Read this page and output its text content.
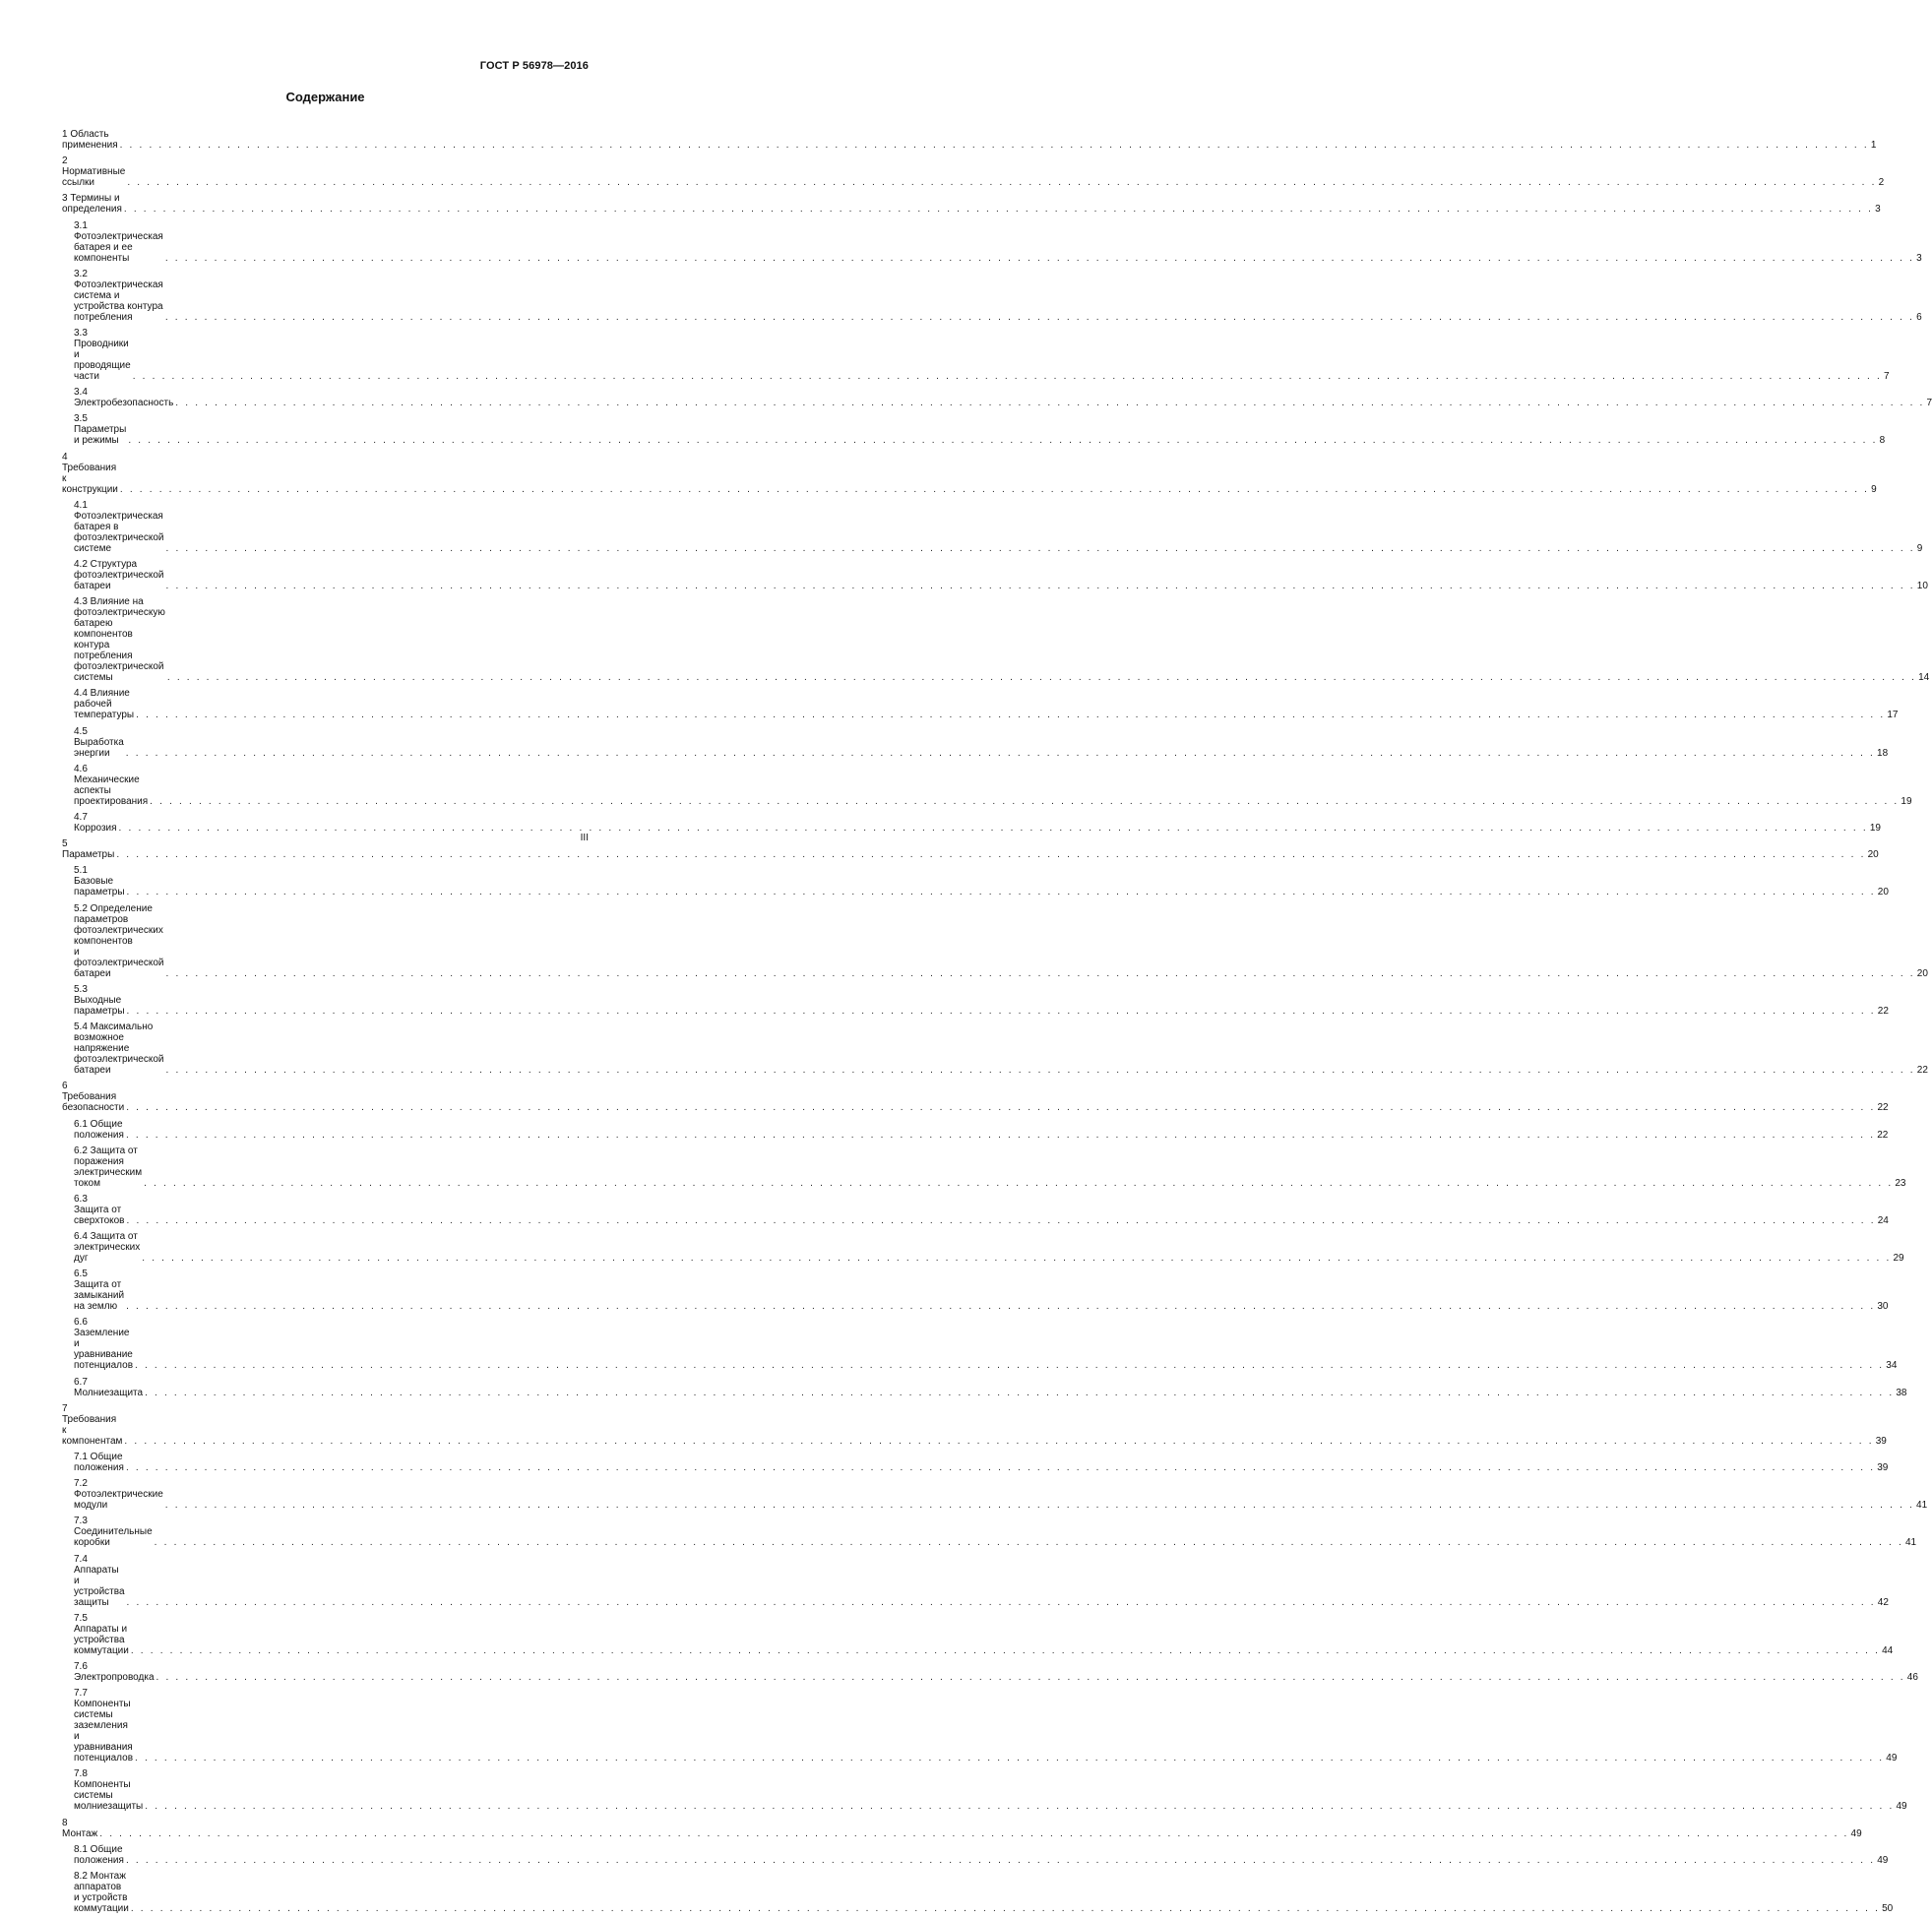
ГОСТ Р 56978—2016
Содержание
1 Область применения . . .	1
2 Нормативные ссылки . . .	2
3 Термины и определения . . .	3
3.1 Фотоэлектрическая батарея и ее компоненты . . .	3
3.2 Фотоэлектрическая система и устройства контура потребления . . .	6
3.3 Проводники и проводящие части . . .	7
3.4 Электробезопасность . . .	7
3.5 Параметры и режимы . . .	8
4 Требования к конструкции . . .	9
4.1 Фотоэлектрическая батарея в фотоэлектрической системе . . .	9
4.2 Структура фотоэлектрической батареи . . .	10
4.3 Влияние на фотоэлектрическую батарею
компонентов контура потребления фотоэлектрической системы . . .	14
4.4 Влияние рабочей температуры . . .	17
4.5 Выработка энергии . . .	18
4.6 Механические аспекты проектирования . . .	19
4.7 Коррозия . . .	19
5 Параметры . . .	20
5.1 Базовые параметры . . .	20
5.2 Определение параметров фотоэлектрических компонентов
и фотоэлектрической батареи . . .	20
5.3 Выходные параметры . . .	22
5.4 Максимально возможное напряжение фотоэлектрической батареи . . .	22
6 Требования безопасности . . .	22
6.1 Общие положения . . .	22
6.2 Защита от поражения электрическим током . . .	23
6.3 Защита от сверхтоков . . .	24
6.4 Защита от электрических дуг . . .	29
6.5 Защита от замыканий на землю . . .	30
6.6 Заземление и уравнивание потенциалов . . .	34
6.7 Молниезащита . . .	38
7 Требования к компонентам . . .	39
7.1 Общие положения . . .	39
7.2 Фотоэлектрические модули . . .	41
7.3 Соединительные коробки . . .	41
7.4 Аппараты и устройства защиты . . .	42
7.5 Аппараты и устройства коммутации . . .	44
7.6 Электропроводка . . .	46
7.7 Компоненты системы заземления и уравнивания потенциалов . . .	49
7.8 Компоненты системы молниезащиты . . .	49
8 Монтаж . . .	49
8.1 Общие положения . . .	49
8.2 Монтаж аппаратов и устройств коммутации . . .	50
III
